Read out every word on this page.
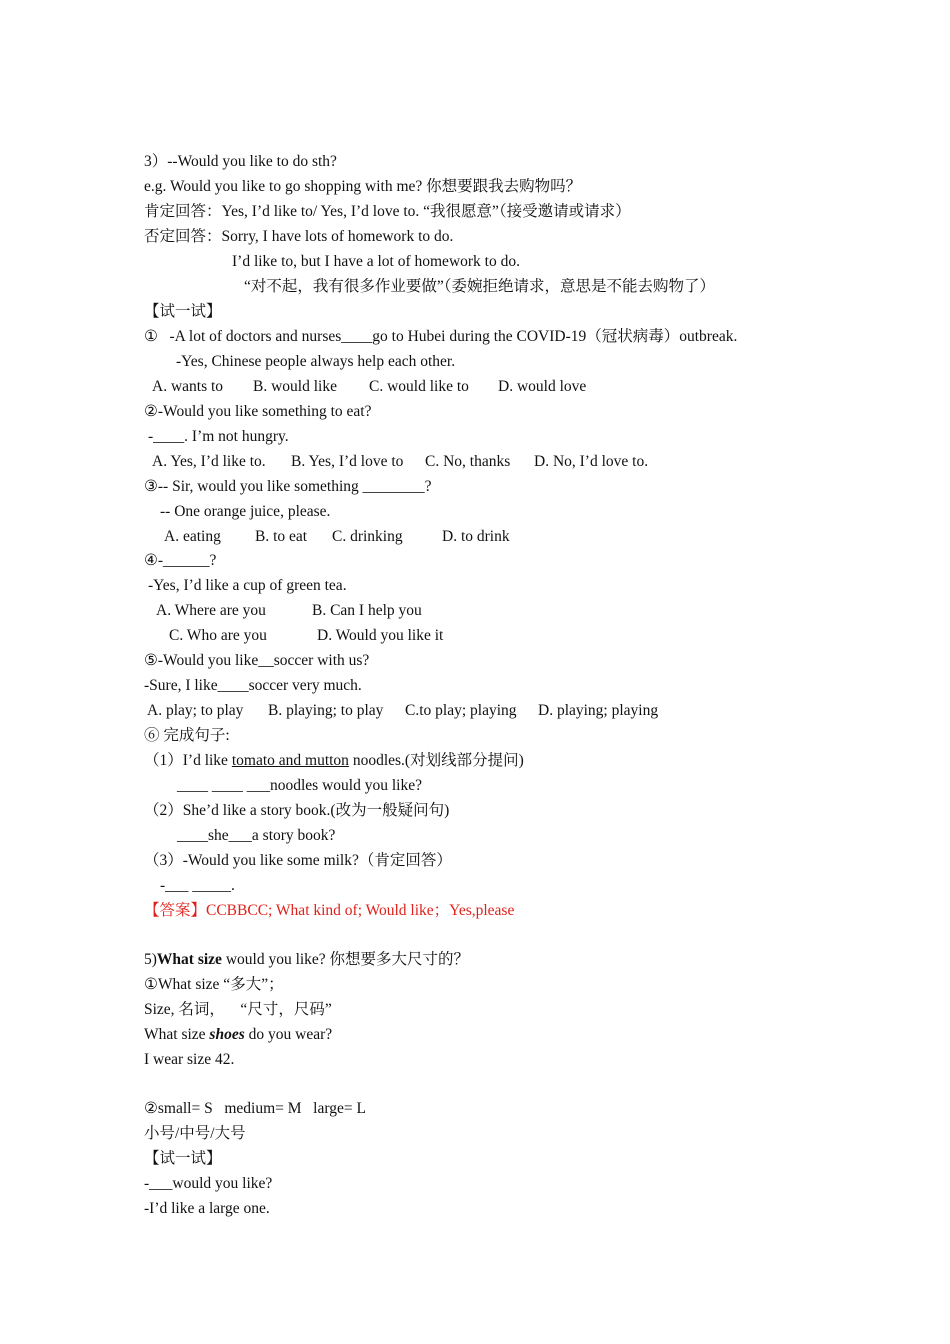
3）--Would you like to do sth?
e.g. Would you like to go shopping with me? 你想要跟我去购物吗？
肯定回答：Yes, I’d like to/ Yes, I’d love to. “我很愿意”（接受邀请或请求）
否定回答：Sorry, I have lots of homework to do.
I’d like to, but I have a lot of homework to do.
“对不起，我有很多作业要做”（委婉拒绝请求，意思是不能去购物了）
【试一试】
①   -A lot of doctors and nurses____go to Hubei during the COVID-19（冠状病毒）outbreak.
-Yes, Chinese people always help each other.
A. wants to B. would like C. would like to D. would love
②-Would you like something to eat?
-____. I’m not hungry.
A. Yes, I’d like to. B. Yes, I’d love to C. No, thanks D. No, I’d love to.
③-- Sir, would you like something ________?
-- One orange juice, please.
A. eating B. to eat C. drinking	D. to drink
④-______?
-Yes, I’d like a cup of green tea.
A. Where are you	B. Can I help you
C. Who are you	D. Would you like it
⑤-Would you like__soccer with us?
-Sure, I like____soccer very much.
A. play; to play B. playing; to play C.to play; playing D. playing; playing
⑥ 完成句子:
（1）I’d like tomato and mutton noodles.(对划线部分提问)
____ ____ ___noodles would you like?
（2）She’d like a story book.(改为一般疑问句)
____she___a story book?
（3）-Would you like some milk?（肯定回答）
-___ _____.
【答案】CCBBCC; What kind of; Would like；Yes,please
5)What size would you like? 你想要多大尺寸的？
①What size “多大”；
Size, 名词，    “尺寸，尺码”
What size shoes do you wear?
I wear size 42.
②small= S   medium= M   large= L
小号/中号/大号
【试一试】
-___would you like?
-I’d like a large one.
